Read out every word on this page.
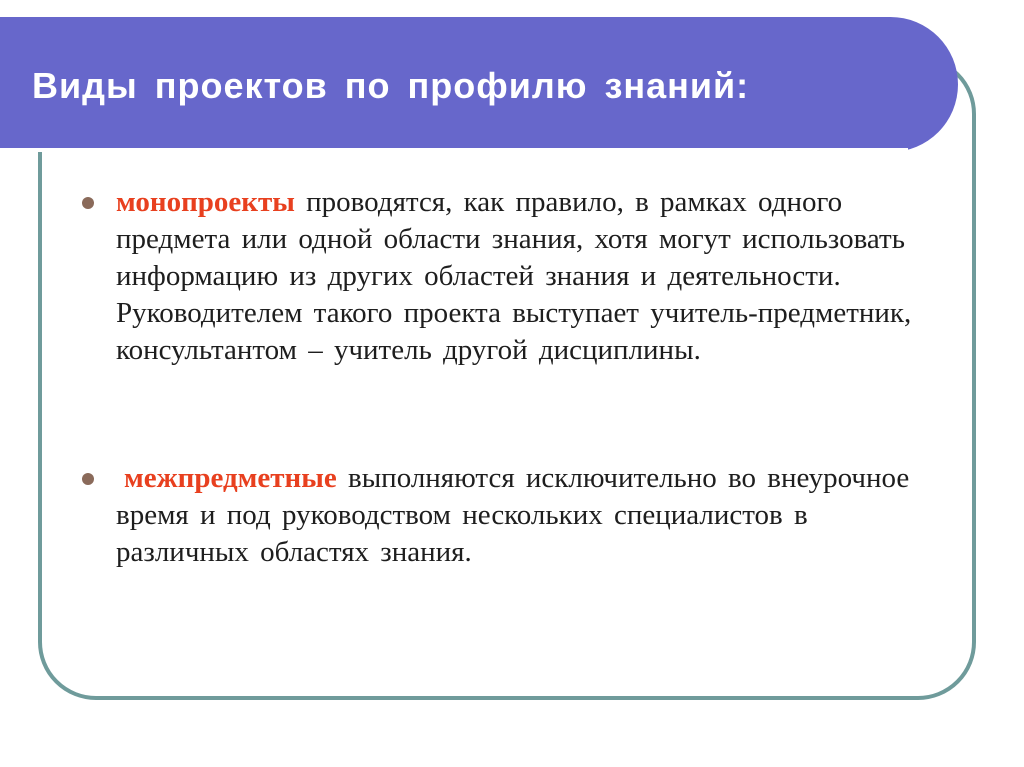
Виды проектов по профилю знаний:
монопроекты проводятся, как правило, в рамках одного предмета или одной области знания, хотя могут использовать информацию из других областей знания и деятельности. Руководителем такого проекта выступает учитель-предметник, консультантом – учитель другой дисциплины.
межпредметные выполняются исключительно во внеурочное время и под руководством нескольких специалистов в различных областях знания.
